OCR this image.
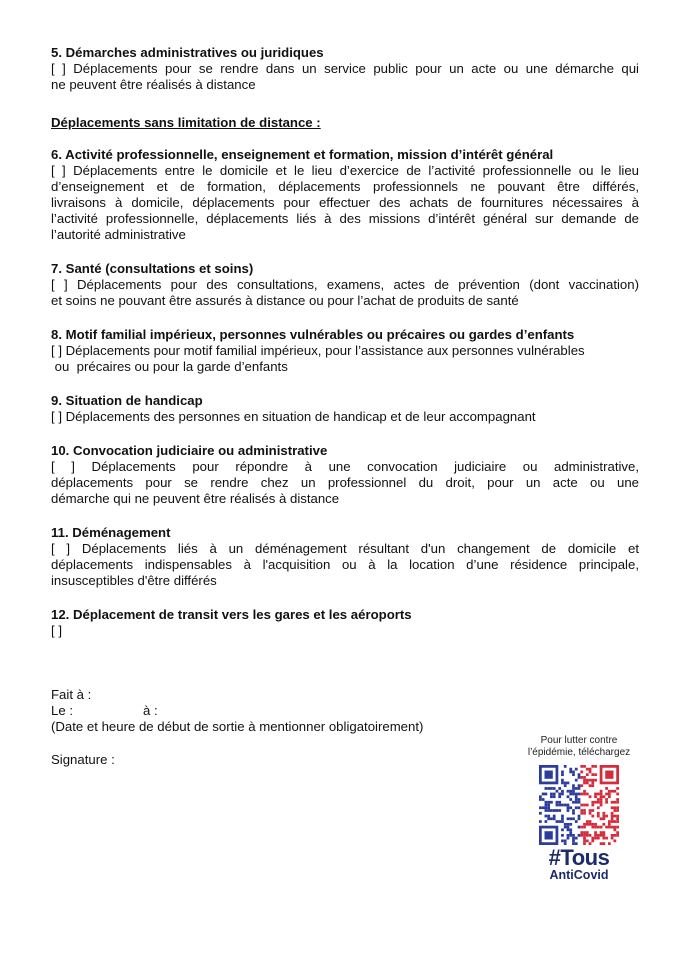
5. Démarches administratives ou juridiques

[ ] Déplacements pour se rendre dans un service public pour un acte ou une démarche qui

ne peuvent être réalisés à distance

Déplacements sans limitation de distance :
6. Activité professionnelle, enseignement et formation, mission d’intérêt général

[ ] Déplacements entre le domicile et le lieu d’exercice de l’activité professionnelle ou le lieu

d’enseignement et de formation, déplacements professionnels ne pouvant être différés,

livraisons à domicile, déplacements pour effectuer des achats de fournitures nécessaires à

l’activité professionnelle, déplacements liés à des missions d’intérêt général sur demande de

l’autorité administrative

7. Santé (consultations et soins)

[ ] Déplacements pour des consultations, examens, actes de prévention (dont vaccination)

et soins ne pouvant être assurés à distance ou pour l’achat de produits de santé

8. Motif familial impérieux, personnes vulnérables ou précaires ou gardes d’enfants

[ ] Déplacements pour motif familial impérieux, pour l’assistance aux personnes vulnérables

ou  précaires ou pour la garde d’enfants

9. Situation de handicap

[ ] Déplacements des personnes en situation de handicap et de leur accompagnant

10. Convocation judiciaire ou administrative

[ ] Déplacements pour répondre à une convocation judiciaire ou administrative,

déplacements pour se rendre chez un professionnel du droit, pour un acte ou une

démarche qui ne peuvent être réalisés à distance

11. Déménagement

[ ] Déplacements liés à un déménagement résultant d'un changement de domicile et

déplacements indispensables à l'acquisition ou à la location d’une résidence principale,

insusceptibles d'être différés

12. Déplacement de transit vers les gares et les aéroports

[ ]

Fait à :
Le :	à :
(Date et heure de début de sortie à mentionner obligatoirement)
Signature :
Pour lutter contre
l’épidémie, téléchargez
#Tous
AntiCovid
